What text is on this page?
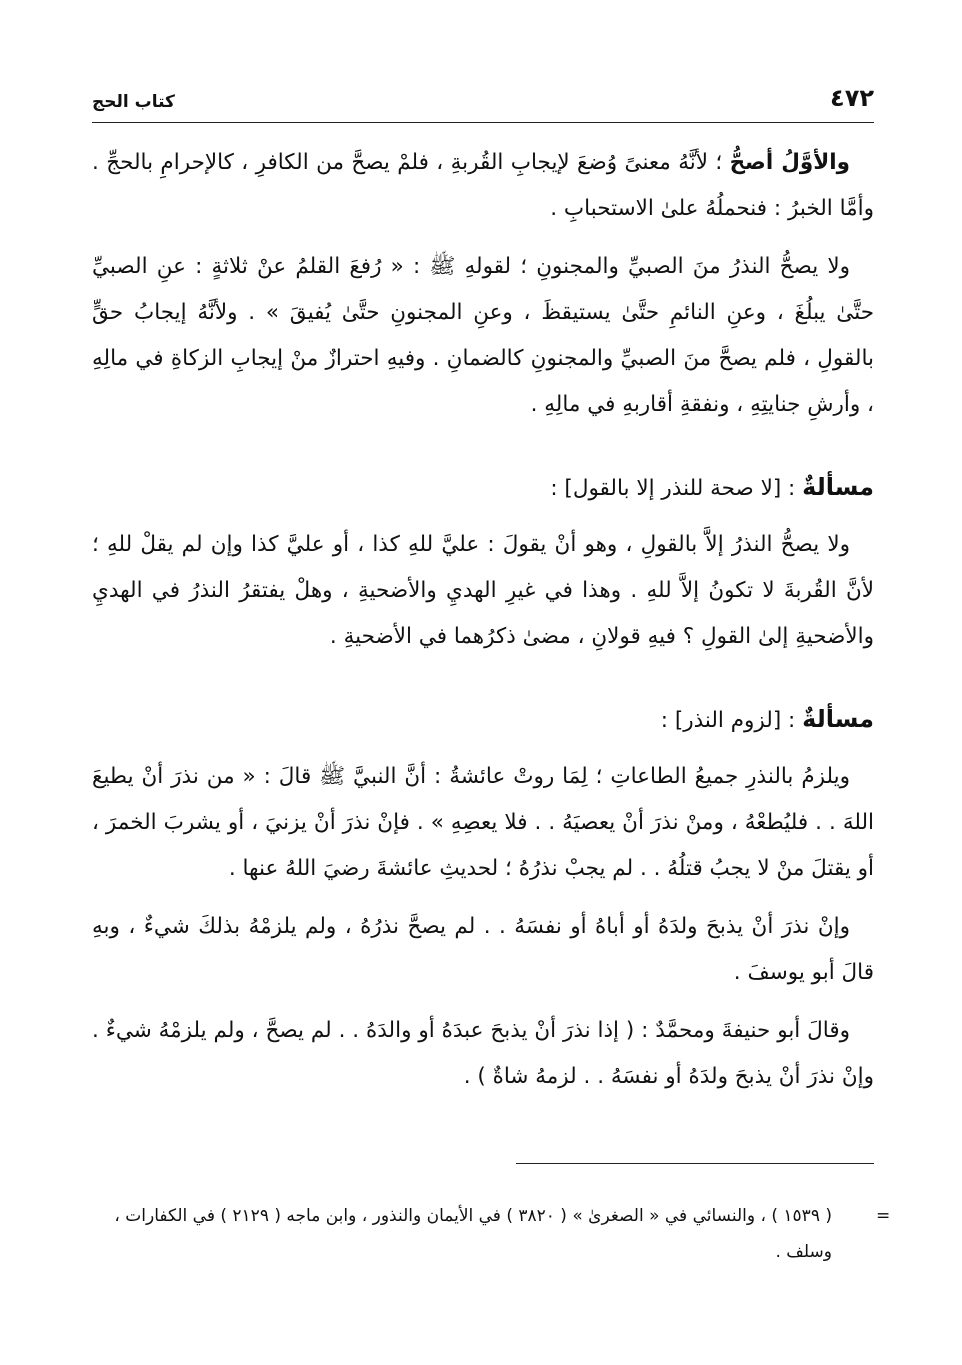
٤٧٢
كتاب الحج

والأوَّلُ أصحُّ ؛ لأنَّهُ معنىً وُضعَ لإيجابِ القُربةِ ، فلمْ يصحَّ من الكافرِ ، كالإحرامِ بالحجِّ . وأمَّا الخبرُ : فنحملُهُ علىٰ الاستحبابِ .

ولا يصحُّ النذرُ منَ الصبيِّ والمجنونِ ؛ لقولهِ ﷺ : « رُفعَ القلمُ عنْ ثلاثةٍ : عنِ الصبيِّ حتَّىٰ يبلُغَ ، وعنِ النائمِ حتَّىٰ يستيقظَ ، وعنِ المجنونِ حتَّىٰ يُفيقَ » . ولأنَّهُ إيجابُ حقٍّ بالقولِ ، فلم يصحَّ منَ الصبيِّ والمجنونِ كالضمانِ . وفيهِ احترازٌ منْ إيجابِ الزكاةِ في مالِهِ ، وأرشِ جنايتِهِ ، ونفقةِ أقاربهِ في مالِهِ .

مسألةٌ : [لا صحة للنذر إلا بالقول] :

ولا يصحُّ النذرُ إلاَّ بالقولِ ، وهو أنْ يقولَ : عليَّ للهِ كذا ، أو عليَّ كذا وإن لم يقلْ للهِ ؛ لأنَّ القُربةَ لا تكونُ إلاَّ للهِ . وهذا في غيرِ الهديِ والأضحيةِ ، وهلْ يفتقرُ النذرُ في الهديِ والأضحيةِ إلىٰ القولِ ؟ فيهِ قولانِ ، مضىٰ ذكرُهما في الأضحيةِ .

مسألةٌ : [لزوم النذر] :

ويلزمُ بالنذرِ جميعُ الطاعاتِ ؛ لِمَا روتْ عائشةُ : أنَّ النبيَّ ﷺ قالَ : « من نذرَ أنْ يطيعَ اللهَ . . فليُطعْهُ ، ومنْ نذرَ أنْ يعصيَهُ . . فلا يعصِهِ » . فإنْ نذرَ أنْ يزنيَ ، أو يشربَ الخمرَ ، أو يقتلَ منْ لا يجبُ قتلُهُ . . لم يجبْ نذرُهُ ؛ لحديثِ عائشةَ رضيَ اللهُ عنها .

وإنْ نذرَ أنْ يذبحَ ولدَهُ أو أباهُ أو نفسَهُ . . لم يصحَّ نذرُهُ ، ولم يلزمْهُ بذلكَ شيءٌ ، وبهِ قالَ أبو يوسفَ .

وقالَ أبو حنيفةَ ومحمَّدٌ : ( إذا نذرَ أنْ يذبحَ عبدَهُ أو والدَهُ . . لم يصحَّ ، ولم يلزمْهُ شيءٌ . وإنْ نذرَ أنْ يذبحَ ولدَهُ أو نفسَهُ . . لزمهُ شاةٌ ) .

=
( ١٥٣٩ ) ، والنسائي في « الصغرىٰ » ( ٣٨٢٠ ) في الأيمان والنذور ، وابن ماجه ( ٢١٢٩ ) في الكفارات ، وسلف .
